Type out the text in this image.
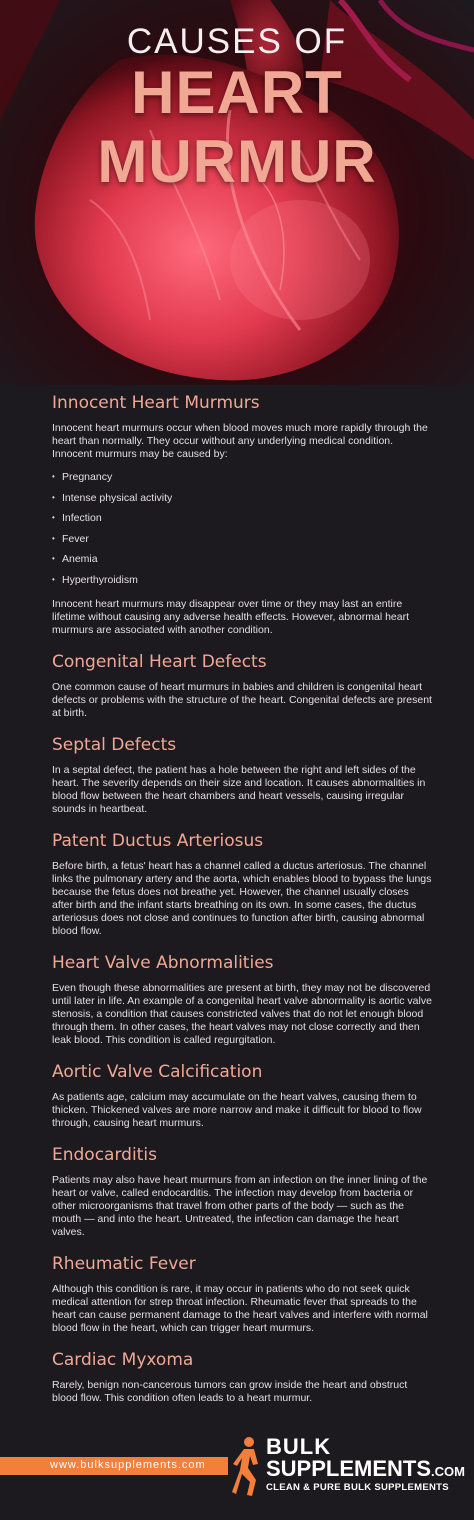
CAUSES OF
HEART MURMUR
Innocent Heart Murmurs

Innocent heart murmurs occur when blood moves much more rapidly through the heart than normally. They occur without any underlying medical condition. Innocent murmurs may be caused by:

• Pregnancy
• Intense physical activity
• Infection
• Fever
• Anemia
• Hyperthyroidism

Innocent heart murmurs may disappear over time or they may last an entire lifetime without causing any adverse health effects. However, abnormal heart murmurs are associated with another condition.

Congenital Heart Defects

One common cause of heart murmurs in babies and children is congenital heart defects or problems with the structure of the heart. Congenital defects are present at birth.

Septal Defects

In a septal defect, the patient has a hole between the right and left sides of the heart. The severity depends on their size and location. It causes abnormalities in blood flow between the heart chambers and heart vessels, causing irregular sounds in heartbeat.

Patent Ductus Arteriosus

Before birth, a fetus' heart has a channel called a ductus arteriosus. The channel links the pulmonary artery and the aorta, which enables blood to bypass the lungs because the fetus does not breathe yet. However, the channel usually closes after birth and the infant starts breathing on its own. In some cases, the ductus arteriosus does not close and continues to function after birth, causing abnormal blood flow.

Heart Valve Abnormalities

Even though these abnormalities are present at birth, they may not be discovered until later in life. An example of a congenital heart valve abnormality is aortic valve stenosis, a condition that causes constricted valves that do not let enough blood through them. In other cases, the heart valves may not close correctly and then leak blood. This condition is called regurgitation.

Aortic Valve Calcification

As patients age, calcium may accumulate on the heart valves, causing them to thicken. Thickened valves are more narrow and make it difficult for blood to flow through, causing heart murmurs.

Endocarditis

Patients may also have heart murmurs from an infection on the inner lining of the heart or valve, called endocarditis. The infection may develop from bacteria or other microorganisms that travel from other parts of the body — such as the mouth — and into the heart. Untreated, the infection can damage the heart valves.

Rheumatic Fever

Although this condition is rare, it may occur in patients who do not seek quick medical attention for strep throat infection. Rheumatic fever that spreads to the heart can cause permanent damage to the heart valves and interfere with normal blood flow in the heart, which can trigger heart murmurs.

Cardiac Myxoma

Rarely, benign non-cancerous tumors can grow inside the heart and obstruct blood flow. This condition often leads to a heart murmur.

www.bulksupplements.com
BULK
SUPPLEMENTS.COM
CLEAN & PURE BULK SUPPLEMENTS
